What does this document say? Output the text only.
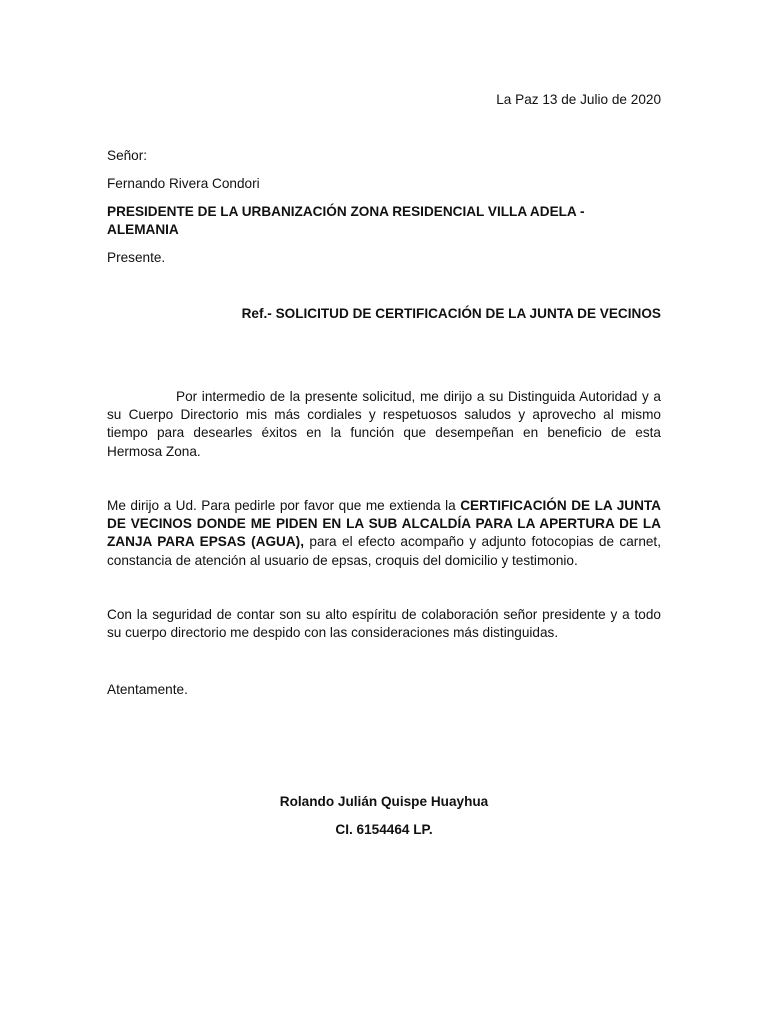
La Paz 13 de Julio de 2020
Señor:
Fernando Rivera Condori
PRESIDENTE DE LA URBANIZACIÓN ZONA RESIDENCIAL VILLA ADELA -
ALEMANIA
Presente.
Ref.- SOLICITUD DE CERTIFICACIÓN DE LA JUNTA DE VECINOS
Por intermedio de la presente solicitud, me dirijo a su Distinguida Autoridad y a
su Cuerpo Directorio mis más cordiales y respetuosos saludos y aprovecho al mismo
tiempo para desearles éxitos en la función que desempeñan en beneficio de esta
Hermosa Zona.
Me dirijo a Ud. Para pedirle por favor que me extienda la CERTIFICACIÓN DE LA JUNTA
DE VECINOS DONDE ME PIDEN EN LA SUB ALCALDÍA PARA LA APERTURA DE LA
ZANJA PARA EPSAS (AGUA), para el efecto acompaño y adjunto fotocopias de carnet,
constancia de atención al usuario de epsas, croquis del domicilio y testimonio.
Con la seguridad de contar son su alto espíritu de colaboración señor presidente y a todo
su cuerpo directorio me despido con las consideraciones más distinguidas.
Atentamente.
Rolando Julián Quispe Huayhua
CI. 6154464 LP.
